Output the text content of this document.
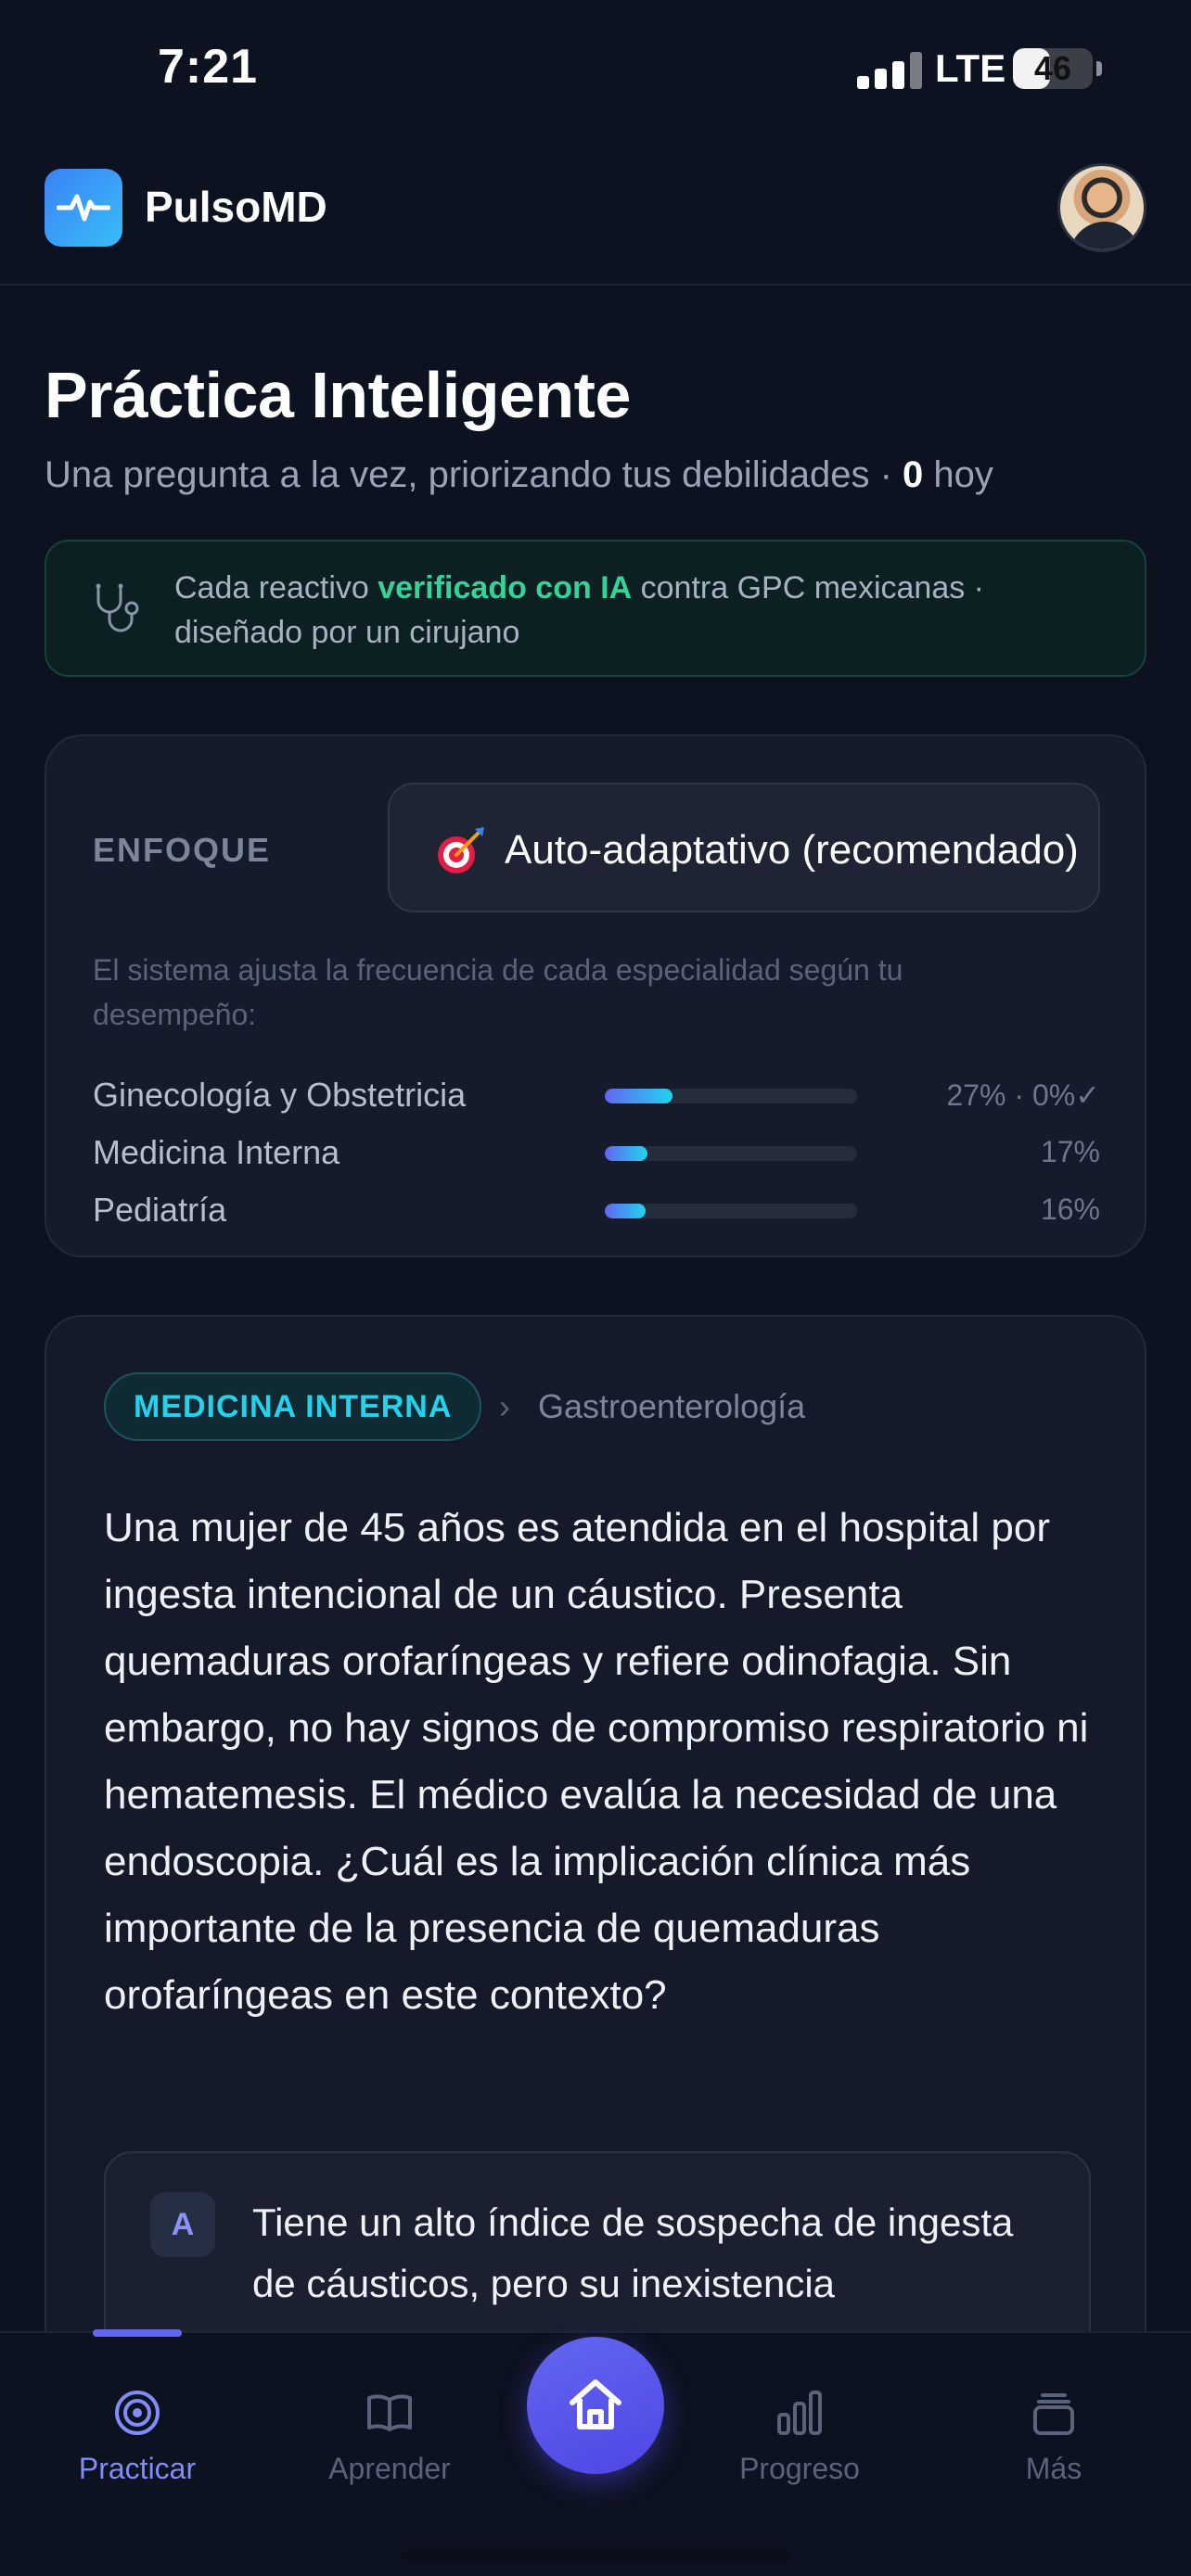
7:21	LTE 46
PulsoMD
Práctica Inteligente
Una pregunta a la vez, priorizando tus debilidades · 0 hoy
Cada reactivo verificado con IA contra GPC mexicanas · diseñado por un cirujano
ENFOQUE	Auto-adaptativo (recomendado)
El sistema ajusta la frecuencia de cada especialidad según tu desempeño:
Ginecología y Obstetricia	27% · 0%✓
Medicina Interna	17%
Pediatría	16%
MEDICINA INTERNA	› Gastroenterología
Una mujer de 45 años es atendida en el hospital por ingesta intencional de un cáustico. Presenta quemaduras orofaríngeas y refiere odinofagia. Sin embargo, no hay signos de compromiso respiratorio ni hematemesis. El médico evalúa la necesidad de una endoscopia. ¿Cuál es la implicación clínica más importante de la presencia de quemaduras orofaríngeas en este contexto?
A	Tiene un alto índice de sospecha de ingesta de cáusticos, pero su inexistencia
Practicar	Aprender	Progreso	Más
